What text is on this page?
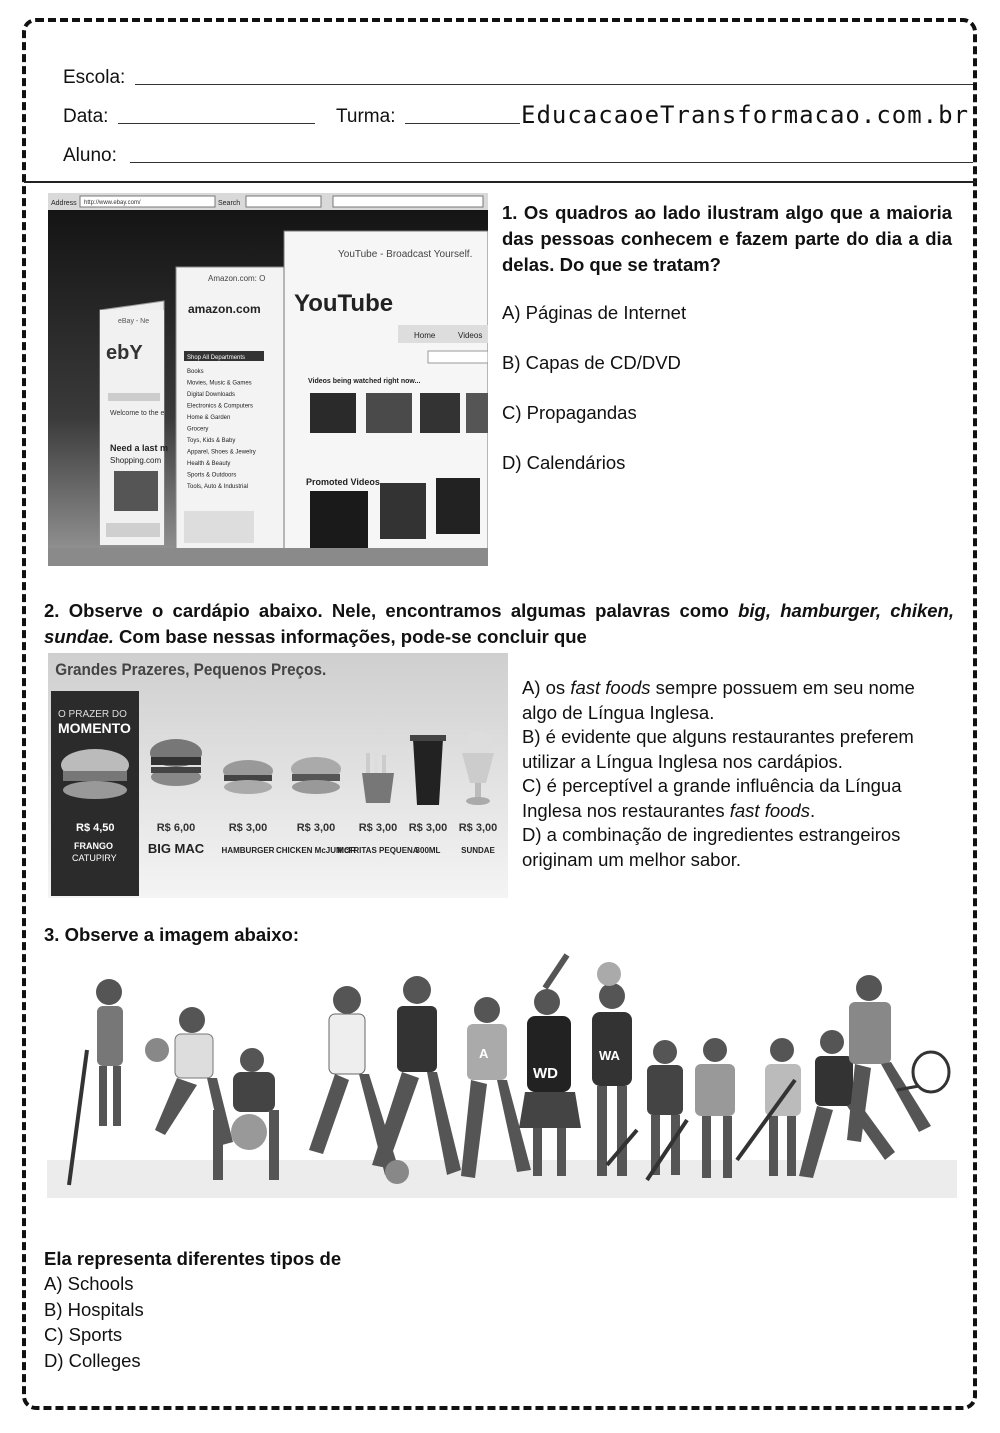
Escola:
Data:	Turma:	EducacaoeTransformacao.com.br
Aluno:
Address http://www.ebay.com/	Search
eBay - Ne
ebY
Welcome to the e
Need a last m
Shopping.com
Amazon.com: O
amazon.com
Shop All Departments
Books
Movies, Music & Games
Digital Downloads
Electronics & Computers
Home & Garden
Grocery
Toys, Kids & Baby
Apparel, Shoes & Jewelry
Health & Beauty
Sports & Outdoors
Tools, Auto & Industrial
YouTube - Broadcast Yourself.
YouTube
Home	Videos
Videos being watched right now...
Promoted Videos
1. Os quadros ao lado ilustram algo que a maioria das pessoas conhecem e fazem parte do dia a dia delas. Do que se tratam?
A) Páginas de Internet
B) Capas de CD/DVD
C) Propagandas
D) Calendários
2. Observe o cardápio abaixo. Nele, encontramos algumas palavras como big, hamburger, chiken, sundae. Com base nessas informações, pode-se concluir que
Grandes Prazeres, Pequenos Preços.
O PRAZER DO
MOMENTO
R$ 4,50
FRANGO
CATUPIRY
R$ 6,00
BIG MAC
R$ 3,00
HAMBURGER
R$ 3,00
CHICKEN McJUNIOR
R$ 3,00
McFRITAS PEQUENA
R$ 3,00
300ML
R$ 3,00
SUNDAE
A) os fast foods sempre possuem em seu nome algo de Língua Inglesa.
B) é evidente que alguns restaurantes preferem utilizar a Língua Inglesa nos cardápios.
C) é perceptível a grande influência da Língua Inglesa nos restaurantes fast foods.
D) a combinação de ingredientes estrangeiros originam um melhor sabor.
3. Observe a imagem abaixo:
WD
WA
A
Ela representa diferentes tipos de
A) Schools
B) Hospitals
C) Sports
D) Colleges
